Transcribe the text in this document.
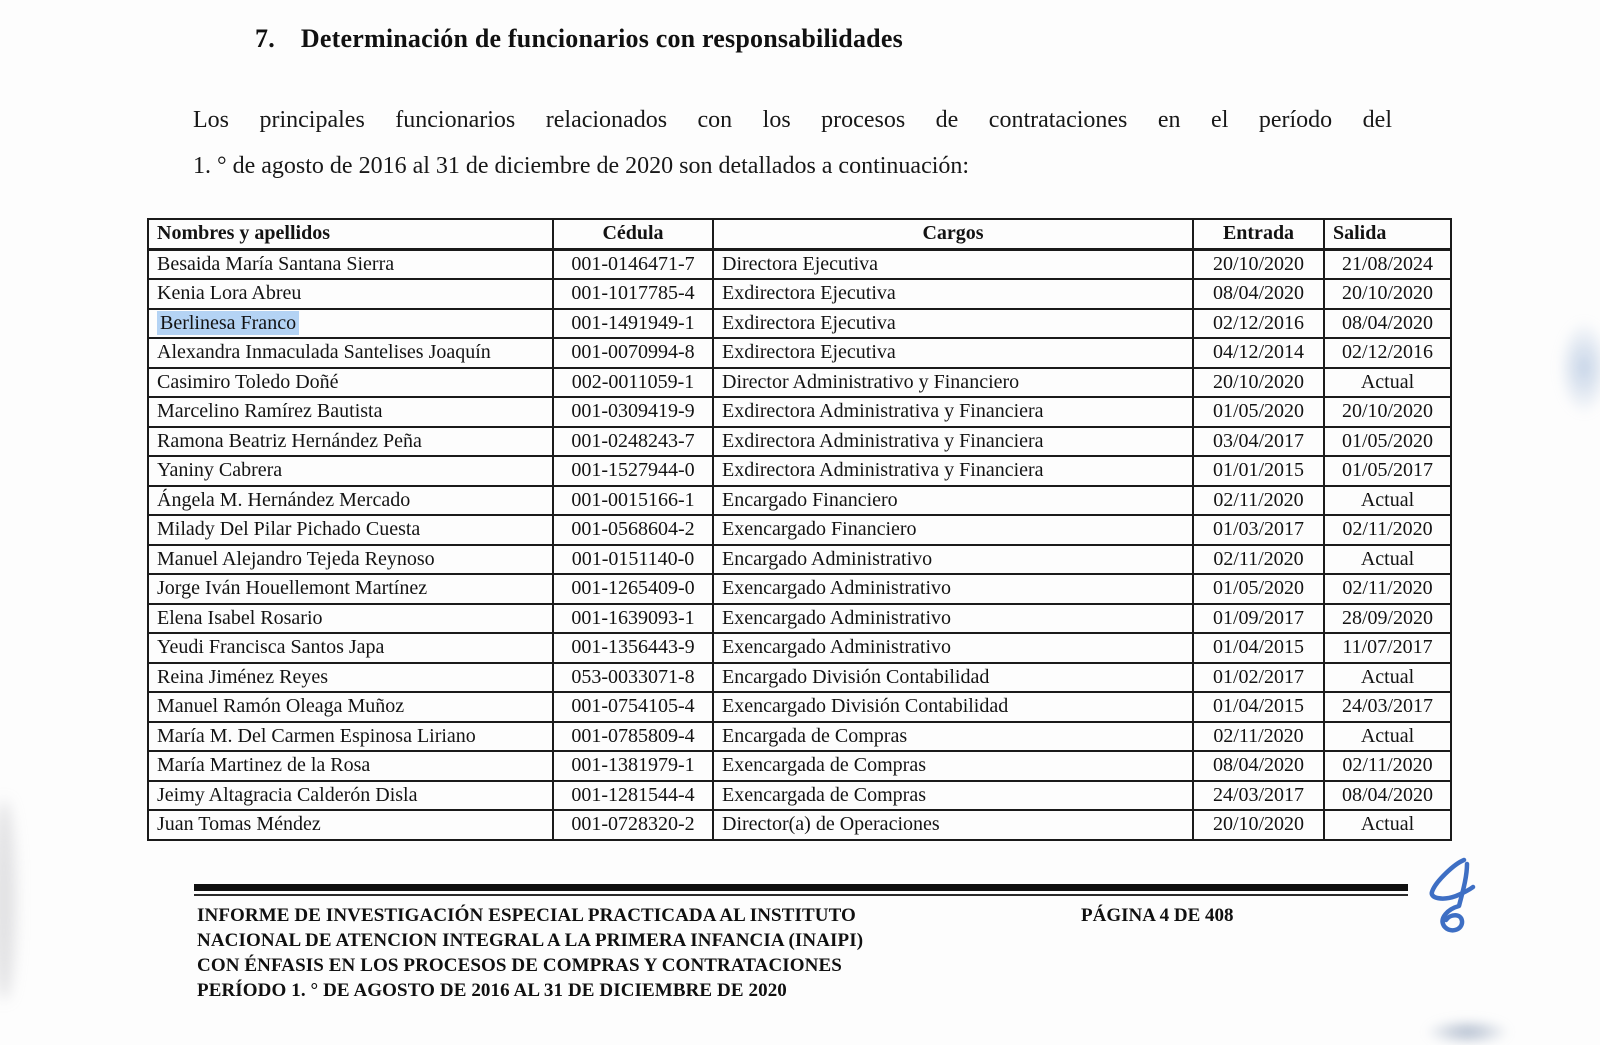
7. Determinación de funcionarios con responsabilidades
Los principales funcionarios relacionados con los procesos de contrataciones en el período del
1. ° de agosto de 2016 al 31 de diciembre de 2020 son detallados a continuación:
Nombres y apellidos	Cédula	Cargos	Entrada	Salida
Besaida María Santana Sierra	001-0146471-7	Directora Ejecutiva	20/10/2020	21/08/2024
Kenia Lora Abreu	001-1017785-4	Exdirectora Ejecutiva	08/04/2020	20/10/2020
Berlinesa Franco	001-1491949-1	Exdirectora Ejecutiva	02/12/2016	08/04/2020
Alexandra Inmaculada Santelises Joaquín	001-0070994-8	Exdirectora Ejecutiva	04/12/2014	02/12/2016
Casimiro Toledo Doñé	002-0011059-1	Director Administrativo y Financiero	20/10/2020	Actual
Marcelino Ramírez Bautista	001-0309419-9	Exdirectora Administrativa y Financiera	01/05/2020	20/10/2020
Ramona Beatriz Hernández Peña	001-0248243-7	Exdirectora Administrativa y Financiera	03/04/2017	01/05/2020
Yaniny Cabrera	001-1527944-0	Exdirectora Administrativa y Financiera	01/01/2015	01/05/2017
Ángela M. Hernández Mercado	001-0015166-1	Encargado Financiero	02/11/2020	Actual
Milady Del Pilar Pichado Cuesta	001-0568604-2	Exencargado Financiero	01/03/2017	02/11/2020
Manuel Alejandro Tejeda Reynoso	001-0151140-0	Encargado Administrativo	02/11/2020	Actual
Jorge Iván Houellemont Martínez	001-1265409-0	Exencargado Administrativo	01/05/2020	02/11/2020
Elena Isabel Rosario	001-1639093-1	Exencargado Administrativo	01/09/2017	28/09/2020
Yeudi Francisca Santos Japa	001-1356443-9	Exencargado Administrativo	01/04/2015	11/07/2017
Reina Jiménez Reyes	053-0033071-8	Encargado División Contabilidad	01/02/2017	Actual
Manuel Ramón Oleaga Muñoz	001-0754105-4	Exencargado División Contabilidad	01/04/2015	24/03/2017
María M. Del Carmen Espinosa Liriano	001-0785809-4	Encargada de Compras	02/11/2020	Actual
María Martinez de la Rosa	001-1381979-1	Exencargada de Compras	08/04/2020	02/11/2020
Jeimy Altagracia Calderón Disla	001-1281544-4	Exencargada de Compras	24/03/2017	08/04/2020
Juan Tomas Méndez	001-0728320-2	Director(a) de Operaciones	20/10/2020	Actual
INFORME DE INVESTIGACIÓN ESPECIAL PRACTICADA AL INSTITUTO
NACIONAL DE ATENCION INTEGRAL A LA PRIMERA INFANCIA (INAIPI)
CON ÉNFASIS EN LOS PROCESOS DE COMPRAS Y CONTRATACIONES
PERÍODO 1. ° DE AGOSTO DE 2016 AL 31 DE DICIEMBRE DE 2020
PÁGINA 4 DE 408
